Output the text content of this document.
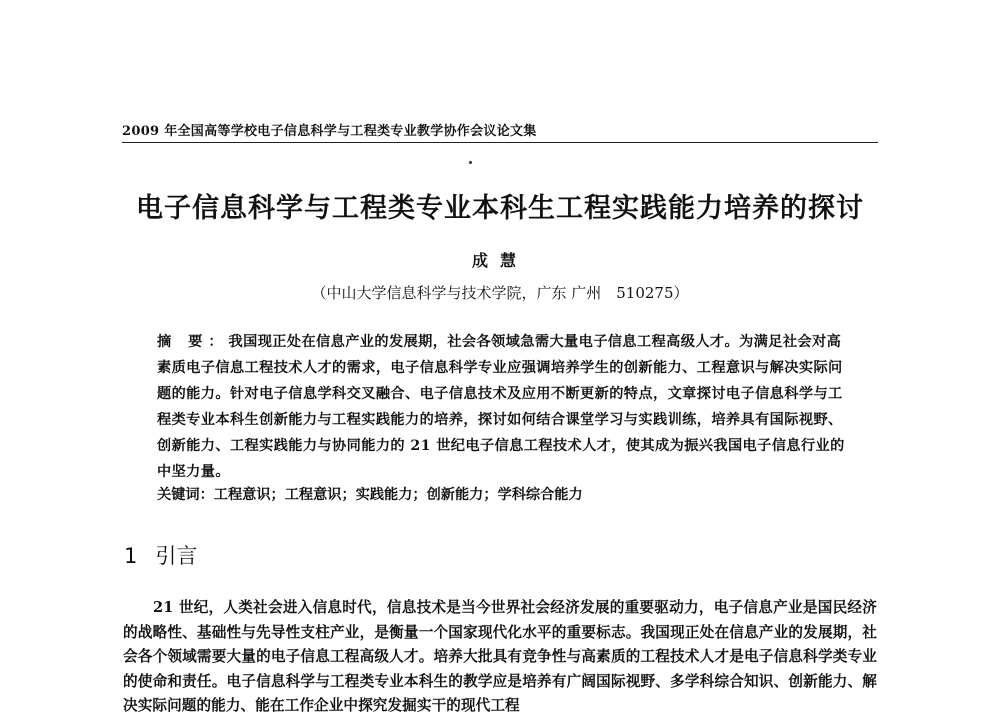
2009 年全国高等学校电子信息科学与工程类专业教学协作会议论文集
电子信息科学与工程类专业本科生工程实践能力培养的探讨
成慧
（中山大学信息科学与技术学院，广东 广州　510275）
摘 要：我国现正处在信息产业的发展期，社会各领域急需大量电子信息工程高级人才。为满足社会对高素质电子信息工程技术人才的需求，电子信息科学专业应强调培养学生的创新能力、工程意识与解决实际问题的能力。针对电子信息学科交叉融合、电子信息技术及应用不断更新的特点，文章探讨电子信息科学与工程类专业本科生创新能力与工程实践能力的培养，探讨如何结合课堂学习与实践训练，培养具有国际视野、创新能力、工程实践能力与协同能力的 21 世纪电子信息工程技术人才，使其成为振兴我国电子信息行业的中坚力量。
关键词：工程意识；工程意识；实践能力；创新能力；学科综合能力
1 引言
21 世纪，人类社会进入信息时代，信息技术是当今世界社会经济发展的重要驱动力，电子信息产业是国民经济的战略性、基础性与先导性支柱产业，是衡量一个国家现代化水平的重要标志。我国现正处在信息产业的发展期，社会各个领域需要大量的电子信息工程高级人才。培养大批具有竞争性与高素质的工程技术人才是电子信息科学类专业的使命和责任。电子信息科学与工程类专业本科生的教学应是培养有广阔国际视野、多学科综合知识、创新能力、解决实际问题的能力、能在工作企业中探究发掘实干的现代工程
